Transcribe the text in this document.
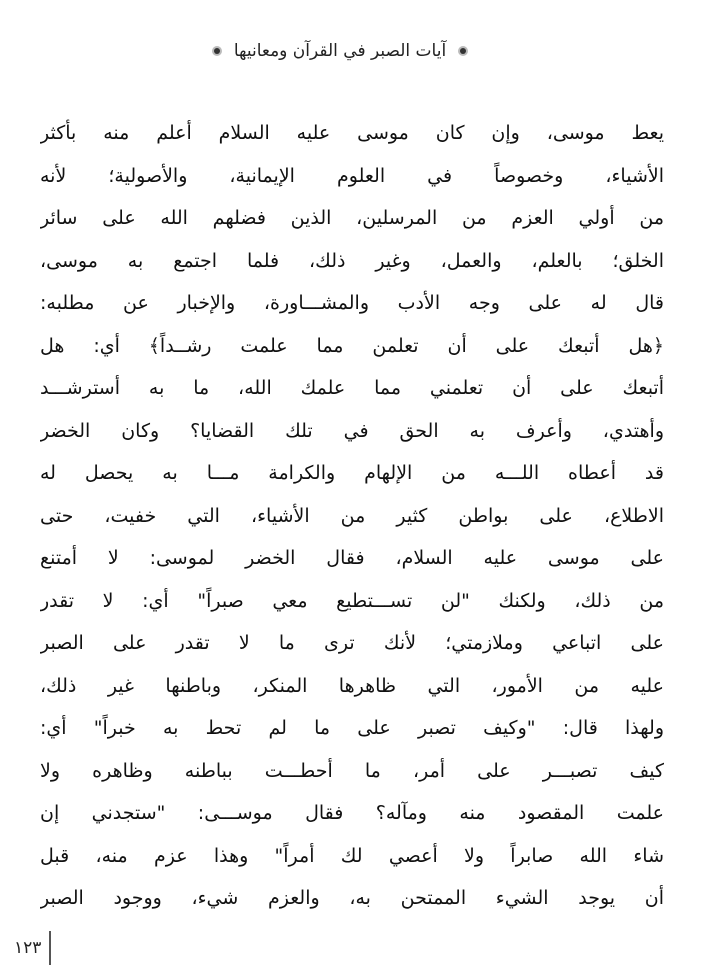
آيات الصبر في القرآن ومعانيها
يعط موسى، وإن كان موسى عليه السلام أعلم منه بأكثر
الأشياء، وخصوصاً في العلوم الإيمانية، والأصولية؛ لأنه
من أولي العزم من المرسلين، الذين فضلهم الله على سائر
الخلق؛ بالعلم، والعمل، وغير ذلك، فلما اجتمع به موسى،
قال له على وجه الأدب والمشـــاورة، والإخبار عن مطلبه:
﴿هل أتبعك على أن تعلمن مما علمت رشــداً﴾ أي: هل
أتبعك على أن تعلمني مما علمك الله، ما به أسترشـــد
وأهتدي، وأعرف به الحق في تلك القضايا؟ وكان الخضر
قد أعطاه اللـــه من الإلهام والكرامة مـــا به يحصل له
الاطلاع، على بواطن كثير من الأشياء، التي خفيت، حتى
على موسى عليه السلام، فقال الخضر لموسى: لا أمتنع
من ذلك، ولكنك "لن تســـتطيع معي صبراً" أي: لا تقدر
على اتباعي وملازمتي؛ لأنك ترى ما لا تقدر على الصبر
عليه من الأمور، التي ظاهرها المنكر، وباطنها غير ذلك،
ولهذا قال: "وكيف تصبر على ما لم تحط به خبراً" أي:
كيف تصبـــر على أمر، ما أحطـــت بباطنه وظاهره ولا
علمت المقصود منه ومآله؟ فقال موســـى: "ستجدني إن
شاء الله صابراً ولا أعصي لك أمراً" وهذا عزم منه، قبل
أن يوجد الشيء الممتحن به، والعزم شيء، ووجود الصبر
١٢٣
